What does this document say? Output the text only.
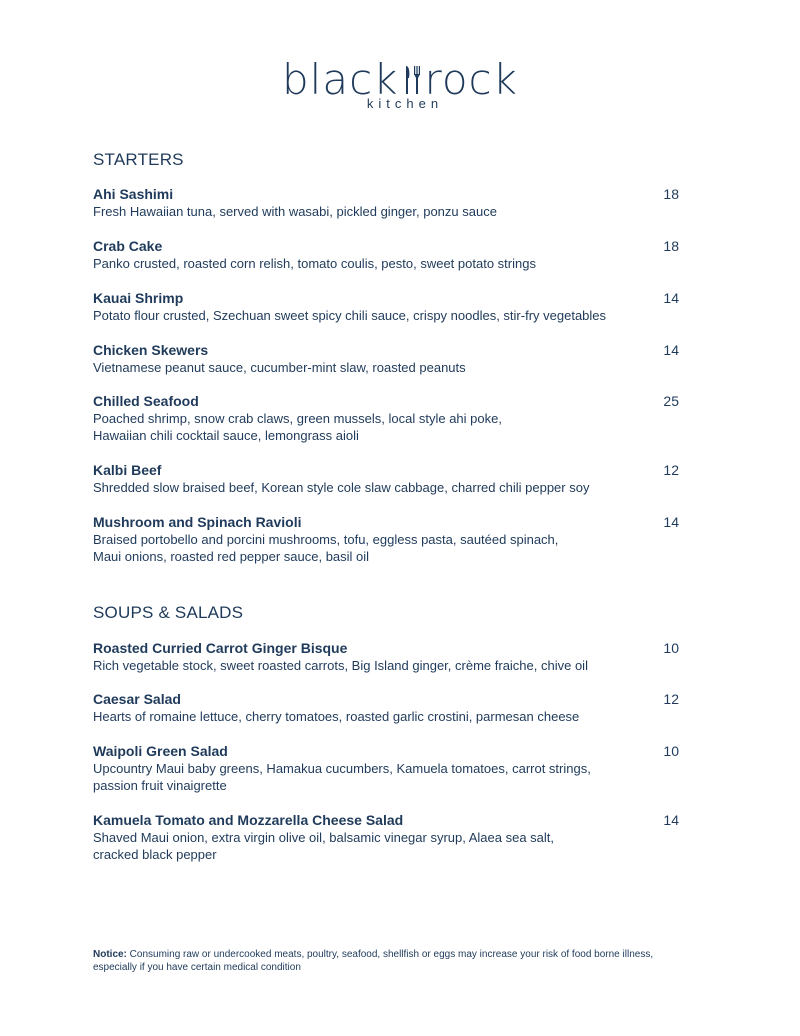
black rock
kitchen
STARTERS
Ahi Sashimi	18
Fresh Hawaiian tuna, served with wasabi, pickled ginger, ponzu sauce
Crab Cake	18
Panko crusted, roasted corn relish, tomato coulis, pesto, sweet potato strings
Kauai Shrimp	14
Potato flour crusted, Szechuan sweet spicy chili sauce, crispy noodles, stir-fry vegetables
Chicken Skewers	14
Vietnamese peanut sauce, cucumber-mint slaw, roasted peanuts
Chilled Seafood	25
Poached shrimp, snow crab claws, green mussels, local style ahi poke,
Hawaiian chili cocktail sauce, lemongrass aioli
Kalbi Beef	12
Shredded slow braised beef, Korean style cole slaw cabbage, charred chili pepper soy
Mushroom and Spinach Ravioli	14
Braised portobello and porcini mushrooms, tofu, eggless pasta, sautéed spinach,
Maui onions, roasted red pepper sauce, basil oil
SOUPS & SALADS
Roasted Curried Carrot Ginger Bisque	10
Rich vegetable stock, sweet roasted carrots, Big Island ginger, crème fraiche, chive oil
Caesar Salad	12
Hearts of romaine lettuce, cherry tomatoes, roasted garlic crostini, parmesan cheese
Waipoli Green Salad	10
Upcountry Maui baby greens, Hamakua cucumbers, Kamuela tomatoes, carrot strings,
passion fruit vinaigrette
Kamuela Tomato and Mozzarella Cheese Salad	14
Shaved Maui onion, extra virgin olive oil, balsamic vinegar syrup, Alaea sea salt,
cracked black pepper
Notice: Consuming raw or undercooked meats, poultry, seafood, shellfish or eggs may increase your risk of food borne illness,
especially if you have certain medical condition
